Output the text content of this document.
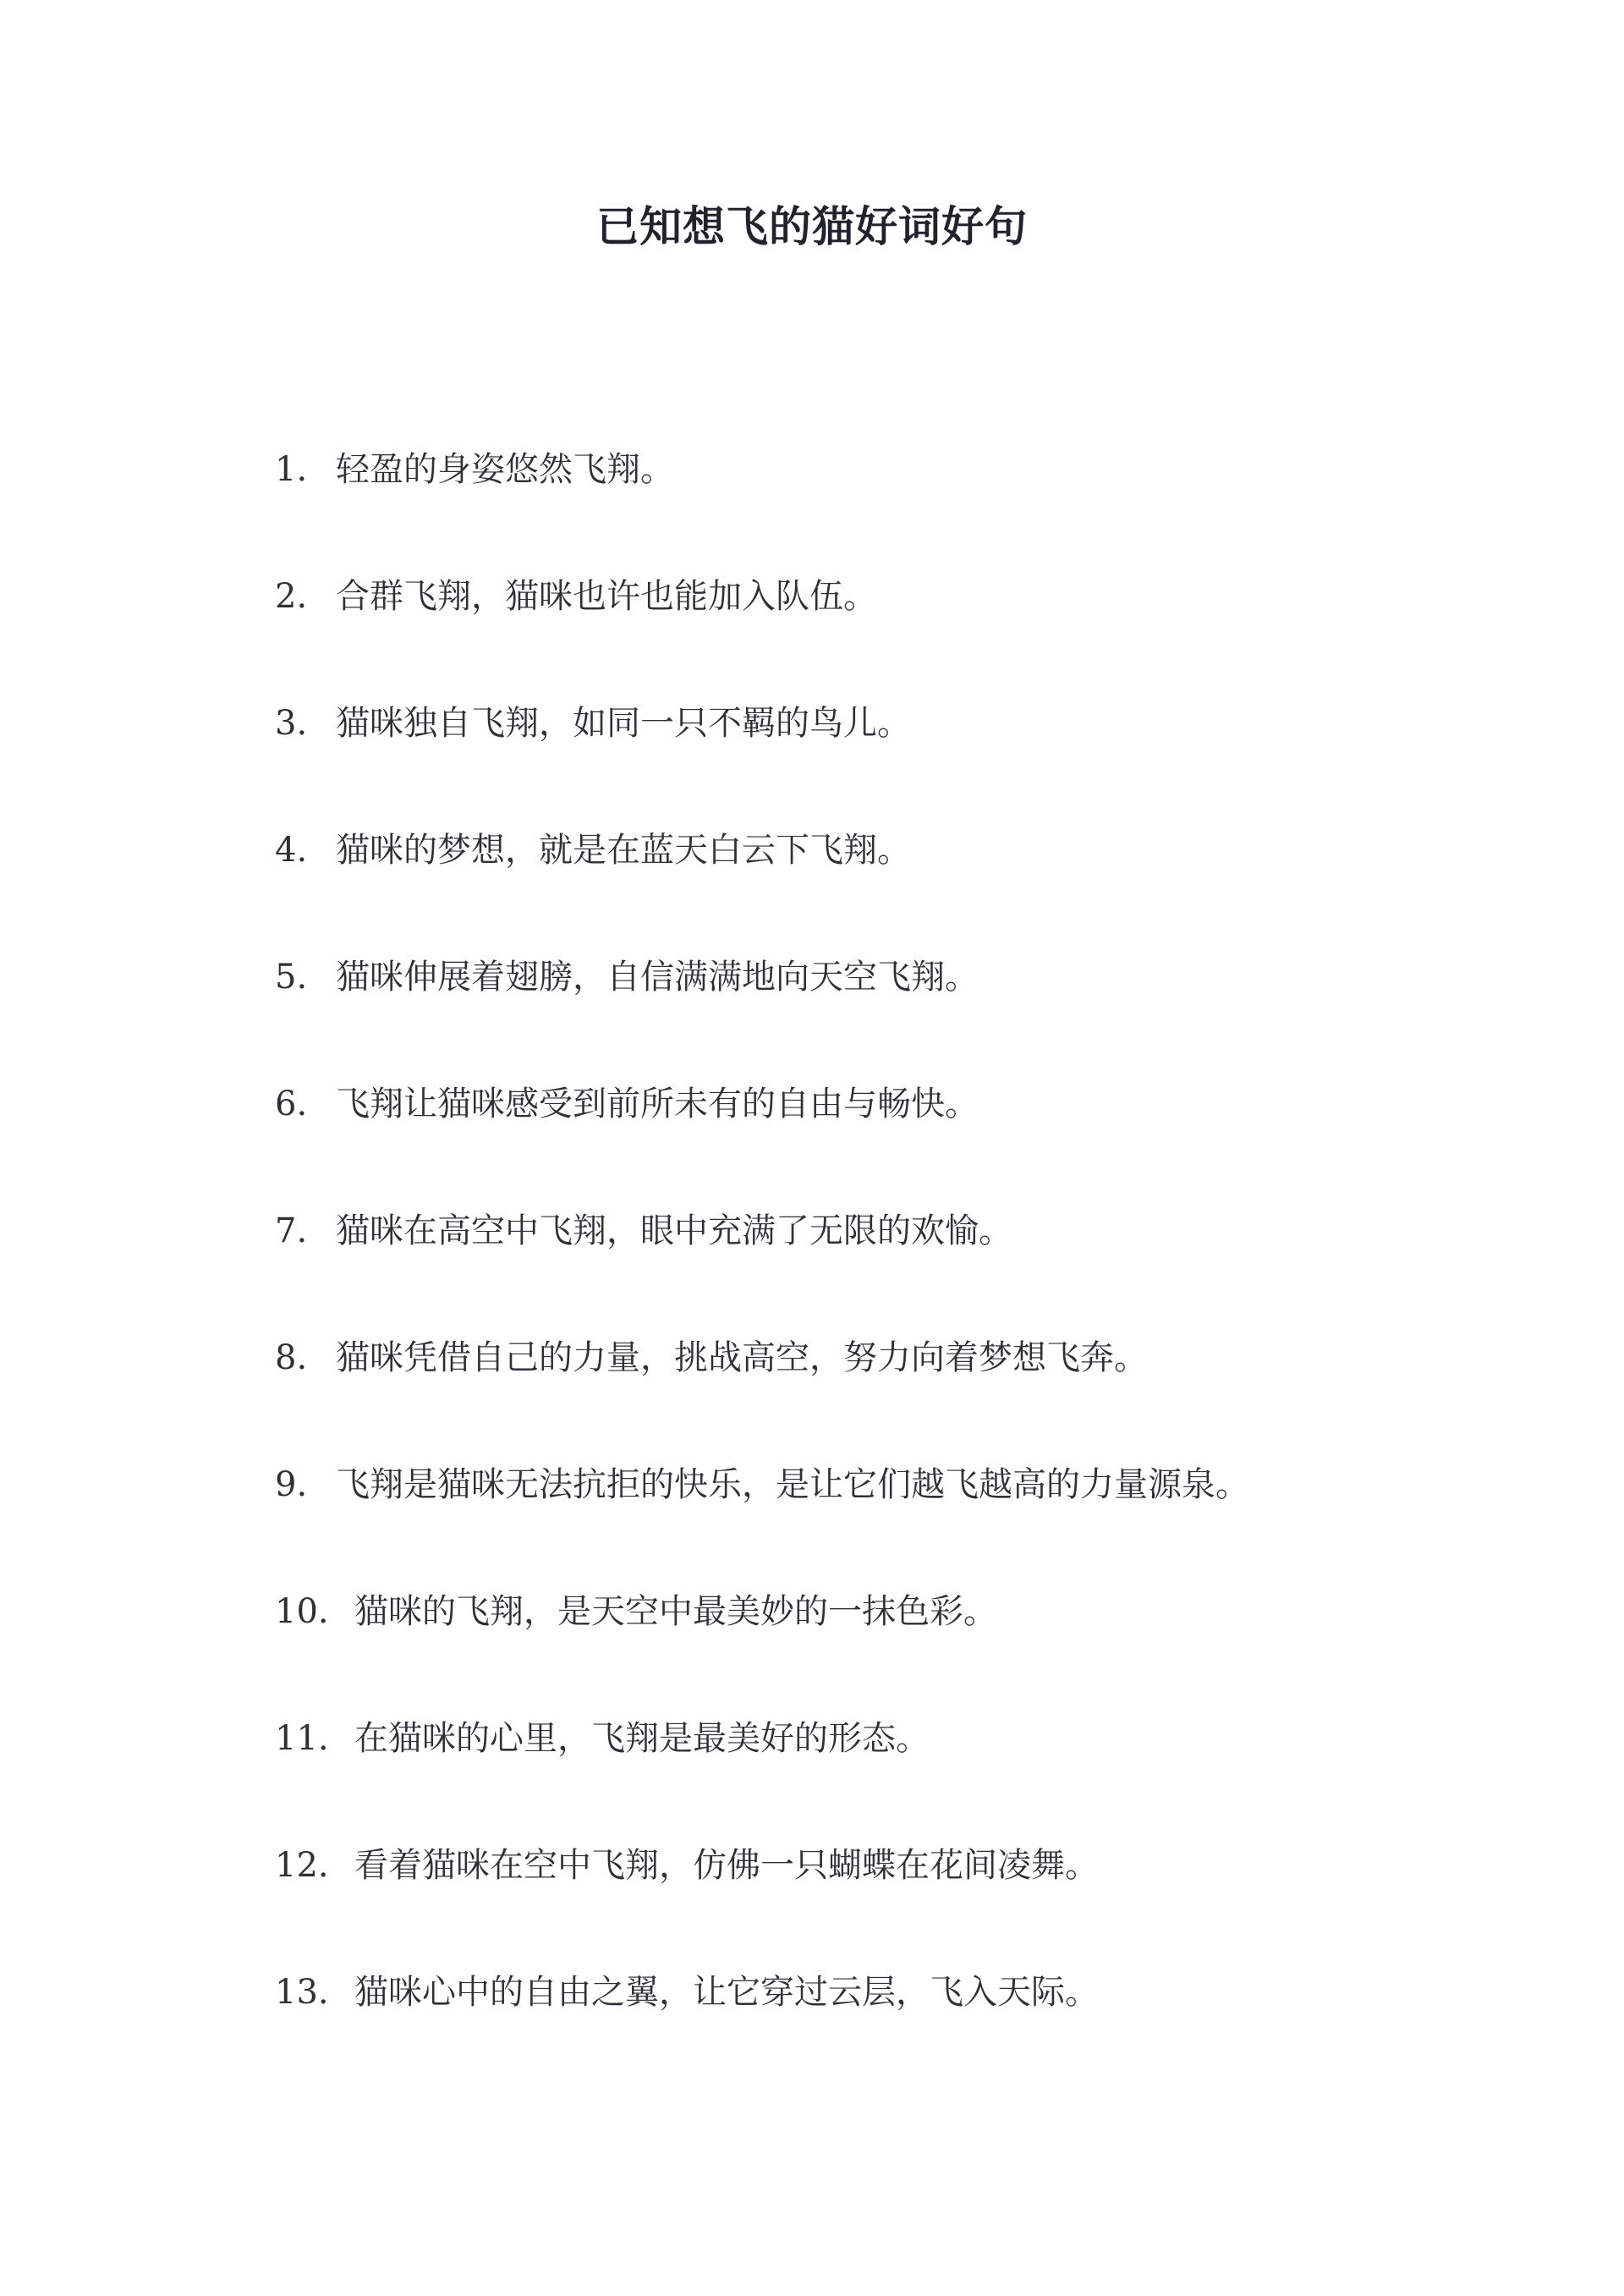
已知想飞的猫好词好句
1. 轻盈的身姿悠然飞翔。
2. 合群飞翔，猫咪也许也能加入队伍。
3. 猫咪独自飞翔，如同一只不羁的鸟儿。
4. 猫咪的梦想，就是在蓝天白云下飞翔。
5. 猫咪伸展着翅膀，自信满满地向天空飞翔。
6. 飞翔让猫咪感受到前所未有的自由与畅快。
7. 猫咪在高空中飞翔，眼中充满了无限的欢愉。
8. 猫咪凭借自己的力量，挑战高空，努力向着梦想飞奔。
9. 飞翔是猫咪无法抗拒的快乐，是让它们越飞越高的力量源泉。
10. 猫咪的飞翔，是天空中最美妙的一抹色彩。
11. 在猫咪的心里，飞翔是最美好的形态。
12. 看着猫咪在空中飞翔，仿佛一只蝴蝶在花间凌舞。
13. 猫咪心中的自由之翼，让它穿过云层，飞入天际。
